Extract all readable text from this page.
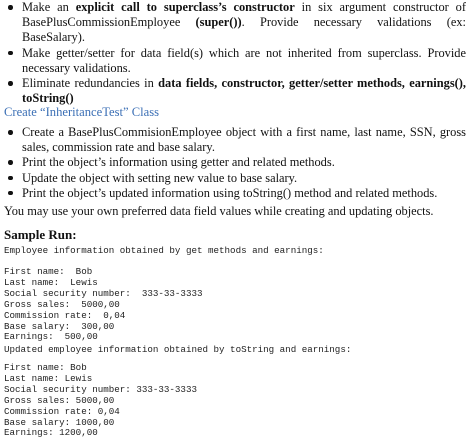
Make an explicit call to superclass’s constructor in six argument constructor of BasePlusCommissionEmployee (super()). Provide necessary validations (ex: BaseSalary).
Make getter/setter for data field(s) which are not inherited from superclass. Provide necessary validations.
Eliminate redundancies in data fields, constructor, getter/setter methods, earnings(), toString()
Create “InheritanceTest” Class
Create a BasePlusCommisionEmployee object with a first name, last name, SSN, gross sales, commission rate and base salary.
Print the object’s information using getter and related methods.
Update the object with setting new value to base salary.
Print the object’s updated information using toString() method and related methods.
You may use your own preferred data field values while creating and updating objects.
Sample Run:
Employee information obtained by get methods and earnings:
First name:  Bob
Last name:  Lewis
Social security number:  333-33-3333
Gross sales:  5000,00
Commission rate:  0,04
Base salary:  300,00
Earnings:  500,00
Updated employee information obtained by toString and earnings:
First name: Bob
Last name: Lewis
Social security number: 333-33-3333
Gross sales: 5000,00
Commission rate: 0,04
Base salary: 1000,00
Earnings: 1200,00
